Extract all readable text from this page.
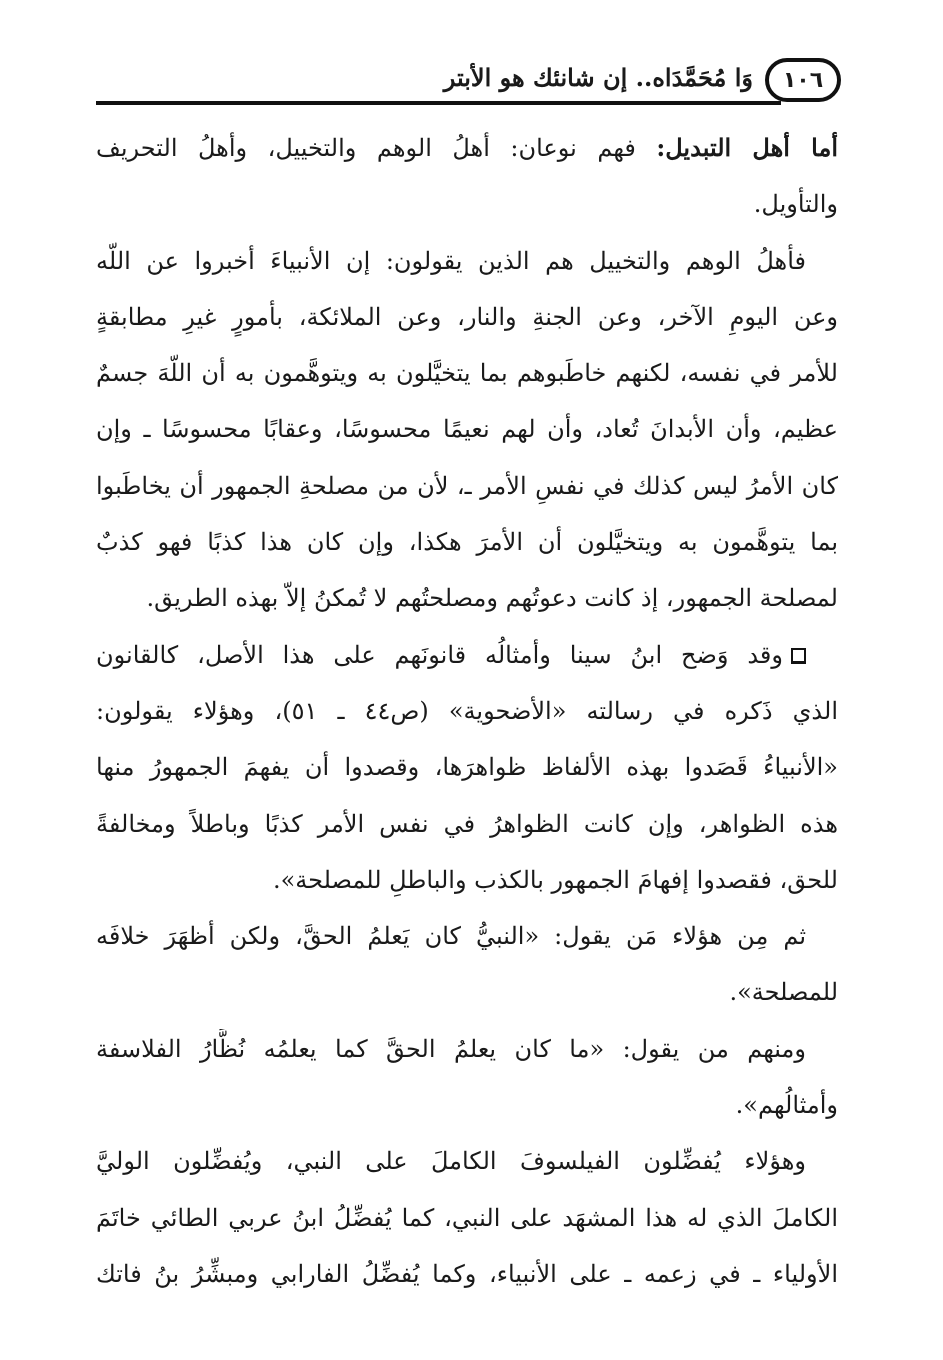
١٠٦
وَا مُحَمَّدَاه.. إن شانئك هو الأبتر
أما أهل التبديل: فهم نوعان: أهلُ الوهم والتخييل، وأهلُ التحريف
والتأويل.
فأهلُ الوهم والتخييل هم الذين يقولون: إن الأنبياءَ أخبروا عن اللّه
وعن اليومِ الآخر، وعن الجنةِ والنار، وعن الملائكة، بأمورٍ غيرِ مطابقةٍ
للأمر في نفسه، لكنهم خاطَبوهم بما يتخيَّلون به ويتوهَّمون به أن اللّهَ جسمٌ
عظيم، وأن الأبدانَ تُعاد، وأن لهم نعيمًا محسوسًا، وعقابًا محسوسًا ـ وإن
كان الأمرُ ليس كذلك في نفسِ الأمر ـ، لأن من مصلحةِ الجمهور أن يخاطَبوا
بما يتوهَّمون به ويتخيَّلون أن الأمرَ هكذا، وإن كان هذا كذبًا فهو كذبٌ
لمصلحة الجمهور، إذ كانت دعوتُهم ومصلحتُهم لا تُمكنُ إلاّ بهذه الطريق.
وقد وَضح ابنُ سينا وأمثالُه قانونَهم على هذا الأصل، كالقانون
الذي ذَكره في رسالته «الأضحوية» (ص٤٤ ـ ٥١)، وهؤلاء يقولون:
«الأنبياءُ قَصَدوا بهذه الألفاظ ظواهرَها، وقصدوا أن يفهمَ الجمهورُ منها
هذه الظواهر، وإن كانت الظواهرُ في نفس الأمر كذبًا وباطلاً ومخالفةً
للحق، فقصدوا إفهامَ الجمهور بالكذب والباطلِ للمصلحة».
ثم مِن هؤلاء مَن يقول: «النبيُّ كان يَعلمُ الحقَّ، ولكن أظهَرَ خلافَه
للمصلحة».
ومنهم من يقول: «ما كان يعلمُ الحقَّ كما يعلمُه نُظَّارُ الفلاسفة
وأمثالُهم».
وهؤلاء يُفضِّلون الفيلسوفَ الكاملَ على النبي، ويُفضِّلون الوليَّ
الكاملَ الذي له هذا المشهَد على النبي، كما يُفضِّلُ ابنُ عربي الطائي خاتَمَ
الأولياء ـ في زعمه ـ على الأنبياء، وكما يُفضِّلُ الفارابي ومبشِّرُ بنُ فاتك
